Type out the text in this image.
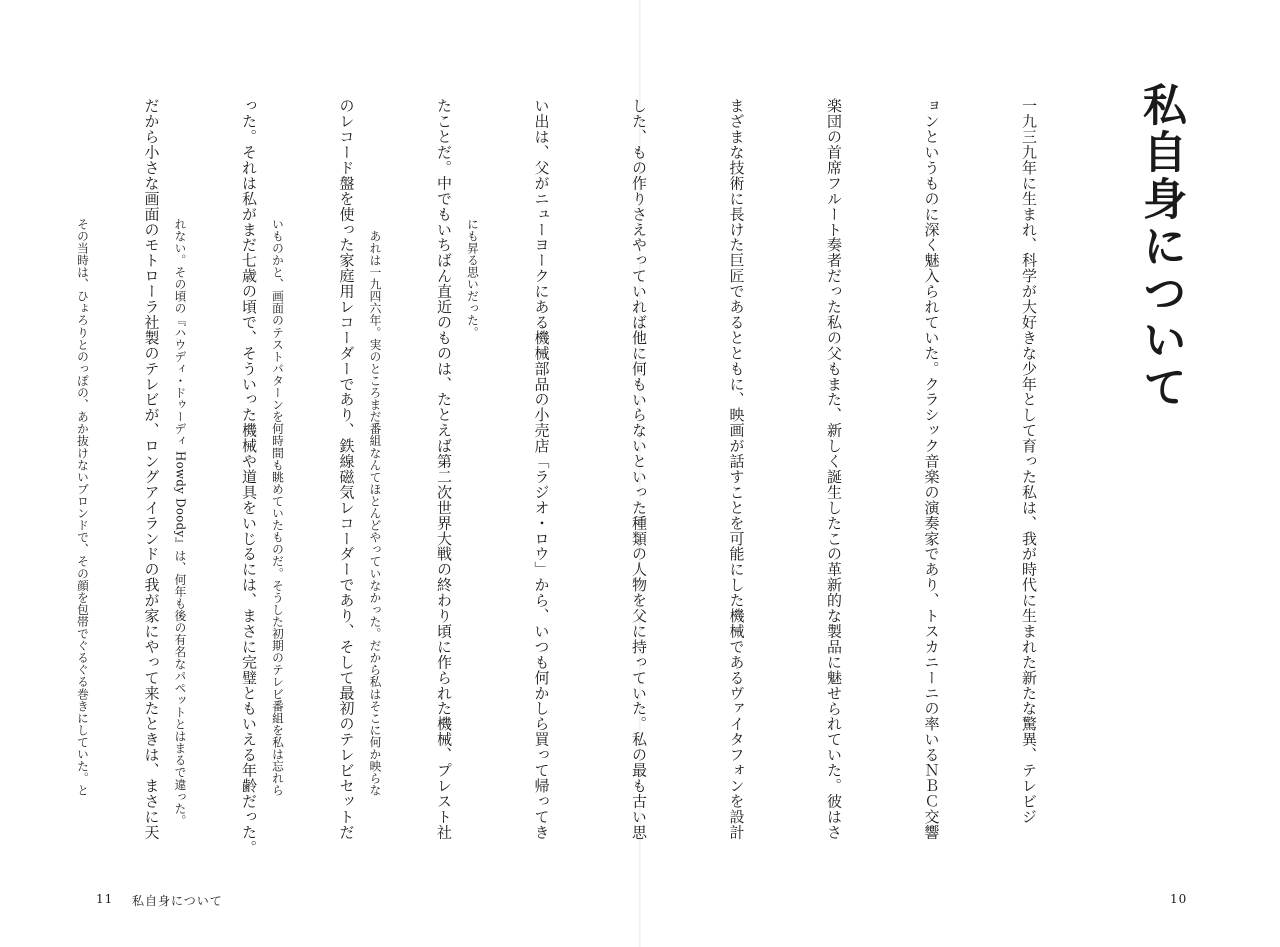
私自身について

一九三九年に生まれ、科学が大好きな少年として育った私は、我が時代に生まれた新たな驚異、テレビジ

ョンというものに深く魅入られていた。クラシック音楽の演奏家であり、トスカニーニの率いるＮＢＣ交響

楽団の首席フルート奏者だった私の父もまた、新しく誕生したこの革新的な製品に魅せられていた。彼はさ

まざまな技術に長けた巨匠であるとともに、映画が話すことを可能にした機械であるヴァイタフォンを設計

した、もの作りさえやっていれば他に何もいらないといった種類の人物を父に持っていた。私の最も古い思

い出は、父がニューヨークにある機械部品の小売店「ラジオ・ロウ」から、いつも何かしら買って帰ってき

たことだ。中でもいちばん直近のものは、たとえば第二次世界大戦の終わり頃に作られた機械、プレスト社

のレコード盤を使った家庭用レコーダーであり、鉄線磁気レコーダーであり、そして最初のテレビセットだ

った。それは私がまだ七歳の頃で、そういった機械や道具をいじるには、まさに完璧ともいえる年齢だった。

だから小さな画面のモトローラ社製のテレビが、ロングアイランドの我が家にやって来たときは、まさに天

10

にも昇る思いだった。

　あれは一九四六年。実のところまだ番組なんてほとんどやっていなかった。だから私はそこに何か映らな

いものかと、画面のテストパターンを何時間も眺めていたものだ。そうした初期のテレビ番組を私は忘れら

れない。その頃の『ハウディ・ドゥーディ Howdy Doody』は、何年も後の有名なパペットとはまるで違った。

その当時は、ひょろりとのっぽの、あか抜けないブロンドで、その顔を包帯でぐるぐる巻きにしていた。と

11 私自身について
